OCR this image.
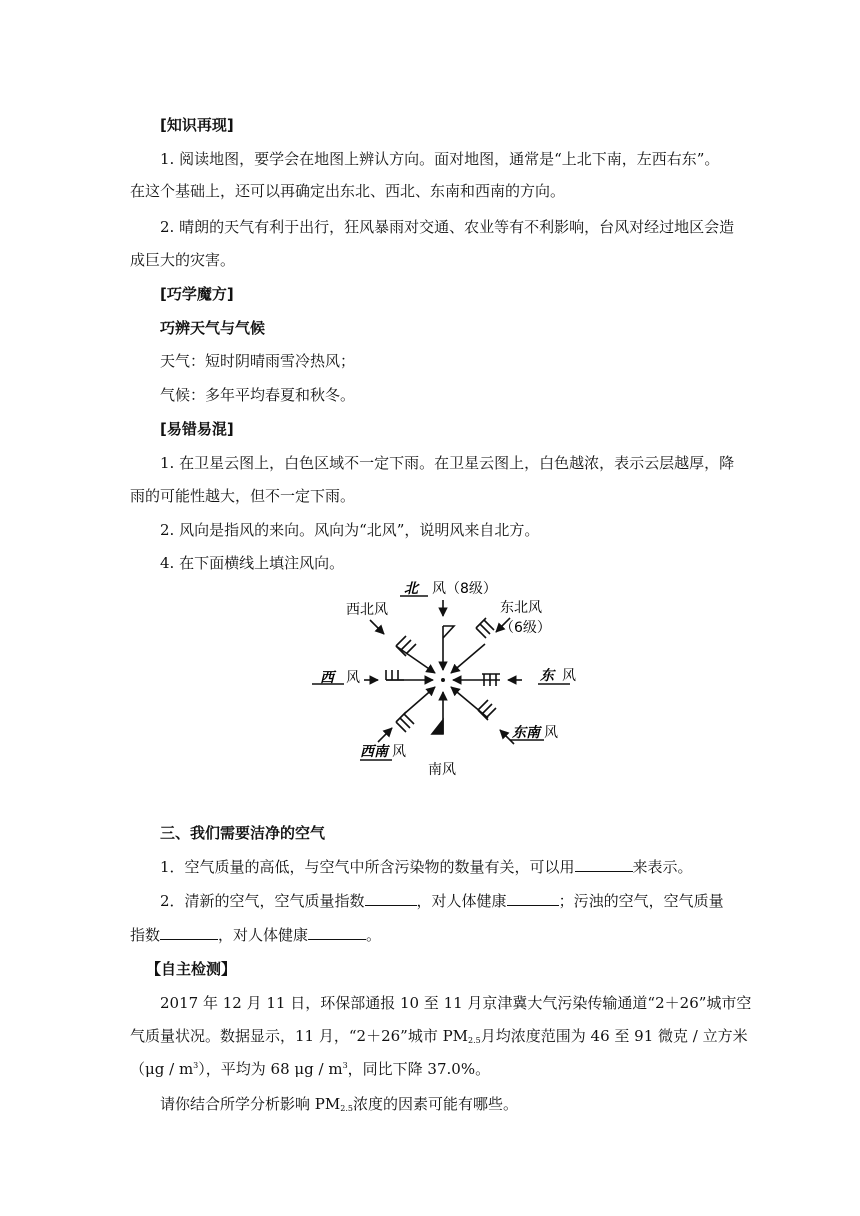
[知识再现]
1. 阅读地图，要学会在地图上辨认方向。面对地图，通常是“上北下南，左西右东”。
在这个基础上，还可以再确定出东北、西北、东南和西南的方向。
2. 晴朗的天气有利于出行，狂风暴雨对交通、农业等有不利影响，台风对经过地区会造
成巨大的灾害。
[巧学魔方]
巧辨天气与气候
天气：短时阴晴雨雪冷热风；
气候：多年平均春夏和秋冬。
[易错易混]
1. 在卫星云图上，白色区域不一定下雨。在卫星云图上，白色越浓，表示云层越厚，降
雨的可能性越大，但不一定下雨。
2. 风向是指风的来向。风向为“北风”，说明风来自北方。
4. 在下面横线上填注风向。
北 风（8级）
西北风	东北风
（6级）
西 风	东 风
西南 风
东南 风
南风
三、我们需要洁净的空气
1．空气质量的高低，与空气中所含污染物的数量有关，可以用	来表示。
2．清新的空气，空气质量指数	，对人体健康	；污浊的空气，空气质量
指数	，对人体健康	。
【自主检测】
2017 年 12 月 11 日，环保部通报 10 至 11 月京津冀大气污染传输通道“2＋26”城市空
气质量状况。数据显示，11 月，“2＋26”城市 $PM_{2.5}$月均浓度范围为 46 至 91 微克 / 立方米
$(\mu g / m^3)$，平均为 68 μg / $m^3$，同比下降 37.0%。
请你结合所学分析影响 $PM_{2.5}$浓度的因素可能有哪些。
